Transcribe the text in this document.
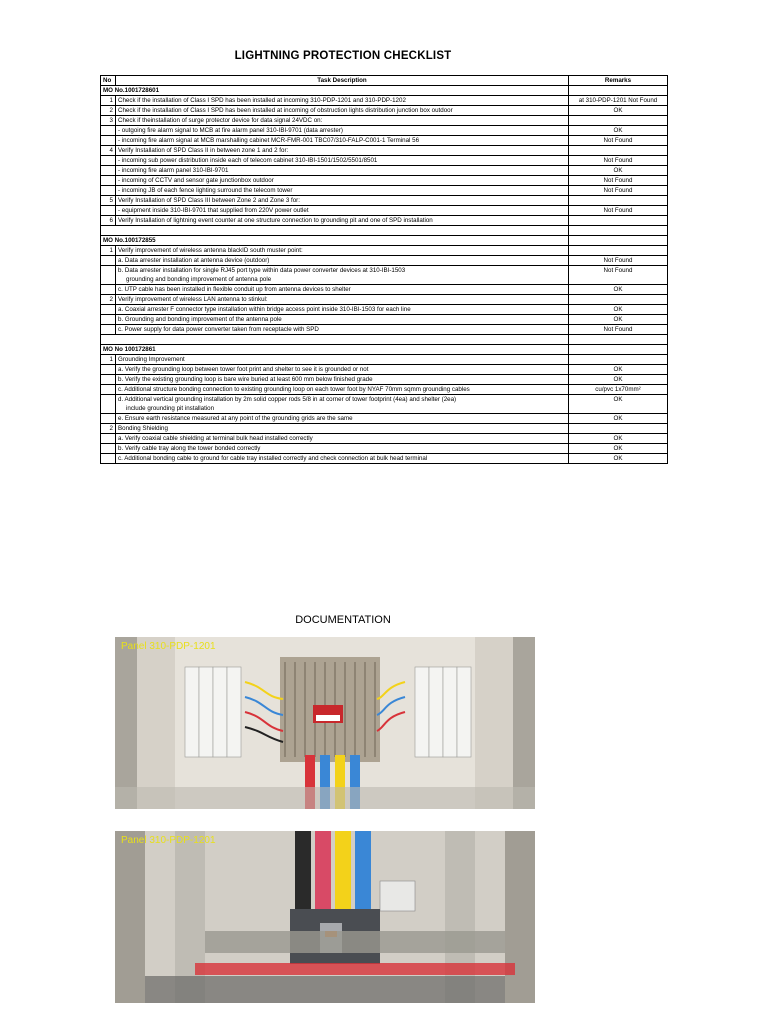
LIGHTNING PROTECTION CHECKLIST
No	Task Description	Remarks
MO No.1001728601		
1	Check if the installation of Class I SPD has been installed at incoming 310-PDP-1201 and 310-PDP-1202	at 310-PDP-1201 Not Found
2	Check if the installation of Class I SPD has been installed at incoming of obstruction lights distribution junction box outdoor	OK
3	Check if theinstallation of surge protector device for data signal 24VDC on:	

	- outgoing fire alarm signal to MCB at fire alarm panel 310-IBI-9701 (data arrester)	OK

	- incoming fire alarm signal at MCB marshalling cabinet MCR-FMR-001 TBC07/310-FALP-C001-1 Terminal 56	Not Found
4	Verify Installation of SPD Class II in between zone 1 and 2 for:	

	- incoming sub power distribution inside each of telecom cabinet 310-IBI-1501/1502/5501/8501	Not Found

	- incoming fire alarm panel 310-IBI-9701	OK

	- incoming of CCTV and sensor gate junctionbox outdoor	Not Found

	- incoming JB of each fence lighting surround the telecom tower	Not Found
5	Verify Installation of SPD Class III between Zone 2 and Zone 3 for:	

	- equipment inside 310-IBI-9701 that supplied from 220V power outlet	Not Found
6	Verify Installation of lightning event counter at one structure connection to grounding pit and one of SPD installation	

MO No.100172855		
1	Verify improvement of wireless antenna blackID south muster point:	

	a. Data arrester installation at antenna device (outdoor)	Not Found

	b. Data arrester installation for single RJ45 port type within data power converter devices at 310-IBI-1503
grounding and bonding improvement of antenna pole	Not Found

	c. UTP cable has been installed in flexible conduit up from antenna devices to shelter	OK
2	Verify improvement of wireless LAN antenna to stinkul:	

	a. Coaxial arrester F connector type installation within bridge access point inside 310-IBI-1503 for each line	OK

	b. Grounding and bonding improvement of the antenna pole	OK

	c. Power supply for data power converter taken from receptacle with SPD	Not Found

MO No 100172861		
1	Grounding Improvement	

	a. Verify the grounding loop between tower foot print and shelter to see it is grounded or not	OK

	b. Verify the existing grounding loop is bare wire buried at least 600 mm below finished grade	OK

	c. Additional structure bonding connection to existing grounding loop on each tower foot by NYAF 70mm sqmm grounding cables	cu/pvc 1x70mm²

	d. Additional vertical grounding installation by 2m solid copper rods 5/8 in at corner of tower footprint (4ea) and shelter (2ea)
include grounding pit installation	OK

	e. Ensure earth resistance measured at any point of the grounding grids are the same	OK
2	Bonding Shielding	

	a. Verify coaxial cable shielding at terminal bulk head installed correctly	OK

	b. Verify cable tray along the tower bonded correctly	OK

	c. Additional bonding cable to ground for cable tray installed correctly and check connection at bulk head terminal	OK
DOCUMENTATION
Panel 310-PDP-1201
Panel 310-PDP-1201
